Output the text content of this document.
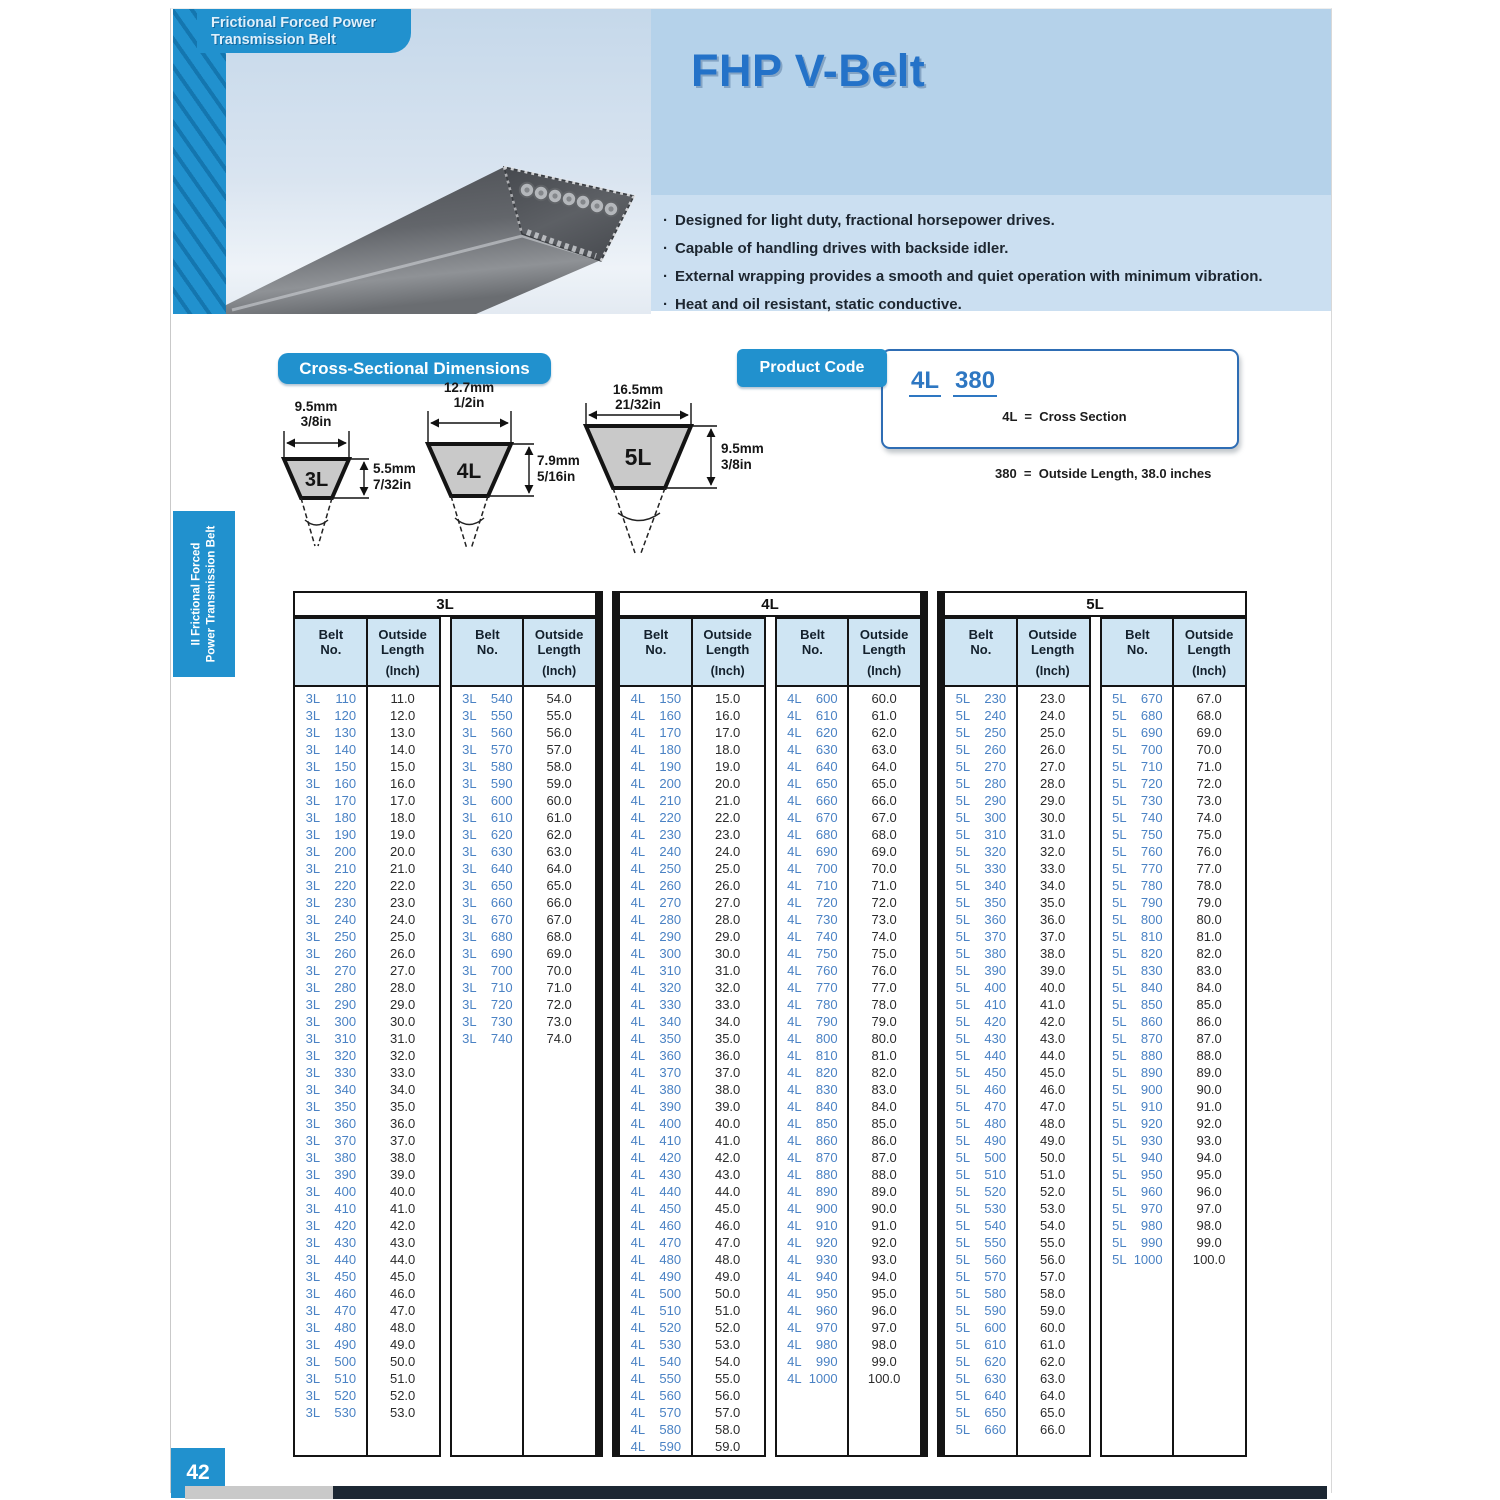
FHP V-Belt
· Designed for light duty, fractional horsepower drives.
· Capable of handling drives with backside idler.
· External wrapping provides a smooth and quiet operation with minimum vibration.
· Heat and oil resistant, static conductive.
Frictional Forced Power
Transmission Belt
Cross-Sectional Dimensions
3L	4L
5L
9.5mm
3/8in
5.5mm
7/32in
12.7mm
1/2in
7.9mm
5/16in
16.5mm
21/32in
9.5mm
3/8in
Product Code	4L 380

4L  =  Cross Section

380  =  Outside Length, 38.0 inches

3L
Belt
No.
Outside
Length
(Inch)
3L	110	11.0
3L	120	12.0
3L	130	13.0
3L	140	14.0
3L	150	15.0
3L	160	16.0
3L	170	17.0
3L	180	18.0
3L	190	19.0
3L	200	20.0
3L	210	21.0
3L	220	22.0
3L	230	23.0
3L	240	24.0
3L	250	25.0
3L	260	26.0
3L	270	27.0
3L	280	28.0
3L	290	29.0
3L	300	30.0
3L	310	31.0
3L	320	32.0
3L	330	33.0
3L	340	34.0
3L	350	35.0
3L	360	36.0
3L	370	37.0
3L	380	38.0
3L	390	39.0
3L	400	40.0
3L	410	41.0
3L	420	42.0
3L	430	43.0
3L	440	44.0
3L	450	45.0
3L	460	46.0
3L	470	47.0
3L	480	48.0
3L	490	49.0
3L	500	50.0
3L	510	51.0
3L	520	52.0
3L	530	53.0
Belt
No.
Outside
Length
(Inch)
3L	540	54.0
3L	550	55.0
3L	560	56.0
3L	570	57.0
3L	580	58.0
3L	590	59.0
3L	600	60.0
3L	610	61.0
3L	620	62.0
3L	630	63.0
3L	640	64.0
3L	650	65.0
3L	660	66.0
3L	670	67.0
3L	680	68.0
3L	690	69.0
3L	700	70.0
3L	710	71.0
3L	720	72.0
3L	730	73.0
3L	740	74.0
4L
Belt
No.
Outside
Length
(Inch)
4L	150	15.0
4L	160	16.0
4L	170	17.0
4L	180	18.0
4L	190	19.0
4L	200	20.0
4L	210	21.0
4L	220	22.0
4L	230	23.0
4L	240	24.0
4L	250	25.0
4L	260	26.0
4L	270	27.0
4L	280	28.0
4L	290	29.0
4L	300	30.0
4L	310	31.0
4L	320	32.0
4L	330	33.0
4L	340	34.0
4L	350	35.0
4L	360	36.0
4L	370	37.0
4L	380	38.0
4L	390	39.0
4L	400	40.0
4L	410	41.0
4L	420	42.0
4L	430	43.0
4L	440	44.0
4L	450	45.0
4L	460	46.0
4L	470	47.0
4L	480	48.0
4L	490	49.0
4L	500	50.0
4L	510	51.0
4L	520	52.0
4L	530	53.0
4L	540	54.0
4L	550	55.0
4L	560	56.0
4L	570	57.0
4L	580	58.0
4L	590	59.0
Belt
No.
Outside
Length
(Inch)
4L	600	60.0
4L	610	61.0
4L	620	62.0
4L	630	63.0
4L	640	64.0
4L	650	65.0
4L	660	66.0
4L	670	67.0
4L	680	68.0
4L	690	69.0
4L	700	70.0
4L	710	71.0
4L	720	72.0
4L	730	73.0
4L	740	74.0
4L	750	75.0
4L	760	76.0
4L	770	77.0
4L	780	78.0
4L	790	79.0
4L	800	80.0
4L	810	81.0
4L	820	82.0
4L	830	83.0
4L	840	84.0
4L	850	85.0
4L	860	86.0
4L	870	87.0
4L	880	88.0
4L	890	89.0
4L	900	90.0
4L	910	91.0
4L	920	92.0
4L	930	93.0
4L	940	94.0
4L	950	95.0
4L	960	96.0
4L	970	97.0
4L	980	98.0
4L	990	99.0
4L 1000	100.0
5L
Belt
No.
Outside
Length
(Inch)
5L	230	23.0
5L	240	24.0
5L	250	25.0
5L	260	26.0
5L	270	27.0
5L	280	28.0
5L	290	29.0
5L	300	30.0
5L	310	31.0
5L	320	32.0
5L	330	33.0
5L	340	34.0
5L	350	35.0
5L	360	36.0
5L	370	37.0
5L	380	38.0
5L	390	39.0
5L	400	40.0
5L	410	41.0
5L	420	42.0
5L	430	43.0
5L	440	44.0
5L	450	45.0
5L	460	46.0
5L	470	47.0
5L	480	48.0
5L	490	49.0
5L	500	50.0
5L	510	51.0
5L	520	52.0
5L	530	53.0
5L	540	54.0
5L	550	55.0
5L	560	56.0
5L	570	57.0
5L	580	58.0
5L	590	59.0
5L	600	60.0
5L	610	61.0
5L	620	62.0
5L	630	63.0
5L	640	64.0
5L	650	65.0
5L	660	66.0
Belt
No.
Outside
Length
(Inch)
5L	670	67.0
5L	680	68.0
5L	690	69.0
5L	700	70.0
5L	710	71.0
5L	720	72.0
5L	730	73.0
5L	740	74.0
5L	750	75.0
5L	760	76.0
5L	770	77.0
5L	780	78.0
5L	790	79.0
5L	800	80.0
5L	810	81.0
5L	820	82.0
5L	830	83.0
5L	840	84.0
5L	850	85.0
5L	860	86.0
5L	870	87.0
5L	880	88.0
5L	890	89.0
5L	900	90.0
5L	910	91.0
5L	920	92.0
5L	930	93.0
5L	940	94.0
5L	950	95.0
5L	960	96.0
5L	970	97.0
5L	980	98.0
5L	990	99.0
5L 1000	100.0
II Frictional Forced Power Transmission Belt
42
